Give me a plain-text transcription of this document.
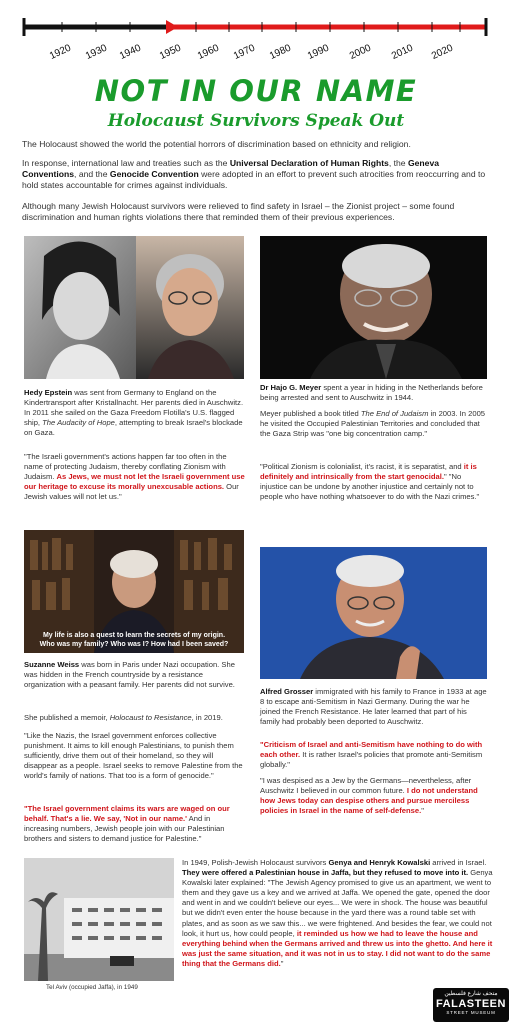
1920 1930 1940 1950 1960 1970 1980 1990 2000 2010 2020
NOT IN OUR NAME
Holocaust Survivors Speak Out

The Holocaust showed the world the potential horrors of discrimination based on ethnicity and religion.

In response, international law and treaties such as the Universal Declaration of Human Rights, the Geneva Conventions, and the Genocide Convention were adopted in an effort to prevent such atrocities from reoccurring and to hold states accountable for crimes against individuals.

Although many Jewish Holocaust survivors were relieved to find safety in Israel – the Zionist project – some found discrimination and human rights violations there that reminded them of their previous experiences.

Hedy Epstein was sent from Germany to England on the Kindertransport after Kristallnacht. Her parents died in Auschwitz. In 2011 she sailed on the Gaza Freedom Flotilla's U.S. flagged ship, The Audacity of Hope, attempting to break Israel's blockade on Gaza.
"The Israeli government's actions happen far too often in the name of protecting Judaism, thereby conflating Zionism with Judaism. As Jews, we must not let the Israeli government use our heritage to excuse its morally unexcusable actions. Our Jewish values will not let us."
Dr Hajo G. Meyer spent a year in hiding in the Netherlands before being arrested and sent to Auschwitz in 1944.
Meyer published a book titled The End of Judaism in 2003. In 2005 he visited the Occupied Palestinian Territories and concluded that the Gaza Strip was "one big concentration camp."
"Political Zionism is colonialist, it's racist, it is separatist, and it is definitely and intrinsically from the start genocidal." "No injustice can be undone by another injustice and certainly not to people who have nothing whatsoever to do with the Nazi crimes."
My life is also a quest to learn the secrets of my origin.
Who was my family? Who was I? How had I been saved?
Suzanne Weiss was born in Paris under Nazi occupation. She was hidden in the French countryside by a resistance organization with a peasant family. Her parents did not survive.
She published a memoir, Holocaust to Resistance, in 2019.
"Like the Nazis, the Israel government enforces collective punishment. It aims to kill enough Palestinians, to punish them sufficiently, drive them out of their homeland, so they will disappear as a people. Israel seeks to remove Palestine from the world's family of nations. That too is a form of genocide."
"The Israel government claims its wars are waged on our behalf. That's a lie. We say, 'Not in our name.' And in increasing numbers, Jewish people join with our Palestinian brothers and sisters to demand justice for Palestine."
Alfred Grosser immigrated with his family to France in 1933 at age 8 to escape anti-Semitism in Nazi Germany. During the war he joined the French Resistance. He later learned that part of his family had probably been deported to Auschwitz.
"Criticism of Israel and anti-Semitism have nothing to do with each other. It is rather Israel's policies that promote anti-Semitism globally."
"I was despised as a Jew by the Germans—nevertheless, after Auschwitz I believed in our common future. I do not understand how Jews today can despise others and pursue merciless policies in Israel in the name of self-defense."
Tel Aviv (occupied Jaffa), in 1949
In 1949, Polish-Jewish Holocaust survivors Genya and Henryk Kowalski arrived in Israel. They were offered a Palestinian house in Jaffa, but they refused to move into it. Genya Kowalski later explained: "The Jewish Agency promised to give us an apartment, we went to them and they gave us a key and we arrived at Jaffa. We opened the gate, opened the door and went in and we couldn't believe our eyes... We were in shock. The house was beautiful but we didn't even enter the house because in the yard there was a round table set with plates, and as soon as we saw this... we were frightened. And besides the fear, we could not look, it hurt us, how could people, it reminded us how we had to leave the house and everything behind when the Germans arrived and threw us into the ghetto. And here it was just the same situation, and it was not in us to stay. I did not want to do the same thing that the Germans did."
متحف شارع فلسطين
FALASTEEN
STREET MUSEUM
